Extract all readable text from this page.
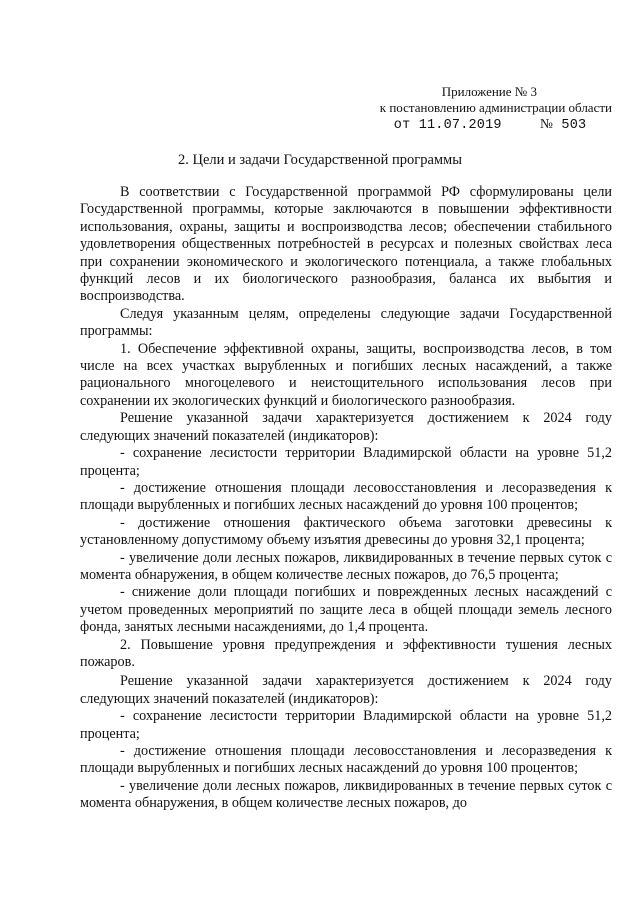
Приложение № 3
к постановлению администрации области
от 11.07.2019	№ 503
2. Цели и задачи Государственной программы

В соответствии с Государственной программой РФ сформулированы цели Государственной программы, которые заключаются в повышении эффективности использования, охраны, защиты и воспроизводства лесов; обеспечении стабильного удовлетворения общественных потребностей в ресурсах и полезных свойствах леса при сохранении экономического и экологического потенциала, а также глобальных функций лесов и их биологического разнообразия, баланса их выбытия и воспроизводства.

Следуя указанным целям, определены следующие задачи Государственной программы:

1. Обеспечение эффективной охраны, защиты, воспроизводства лесов, в том числе на всех участках вырубленных и погибших лесных насаждений, а также рационального многоцелевого и неистощительного использования лесов при сохранении их экологических функций и биологического разнообразия.

Решение указанной задачи характеризуется достижением к 2024 году следующих значений показателей (индикаторов):

- сохранение лесистости территории Владимирской области на уровне 51,2 процента;

- достижение отношения площади лесовосстановления и лесоразведения к площади вырубленных и погибших лесных насаждений до уровня 100 процентов;

- достижение отношения фактического объема заготовки древесины к установленному допустимому объему изъятия древесины до уровня 32,1 процента;

- увеличение доли лесных пожаров, ликвидированных в течение первых суток с момента обнаружения, в общем количестве лесных пожаров, до 76,5 процента;

- снижение доли площади погибших и поврежденных лесных насаждений с учетом проведенных мероприятий по защите леса в общей площади земель лесного фонда, занятых лесными насаждениями, до 1,4 процента.

2. Повышение уровня предупреждения и эффективности тушения лесных пожаров.

Решение указанной задачи характеризуется достижением к 2024 году следующих значений показателей (индикаторов):

- сохранение лесистости территории Владимирской области на уровне 51,2 процента;

- достижение отношения площади лесовосстановления и лесоразведения к площади вырубленных и погибших лесных насаждений до уровня 100 процентов;

- увеличение доли лесных пожаров, ликвидированных в течение первых суток с момента обнаружения, в общем количестве лесных пожаров, до
